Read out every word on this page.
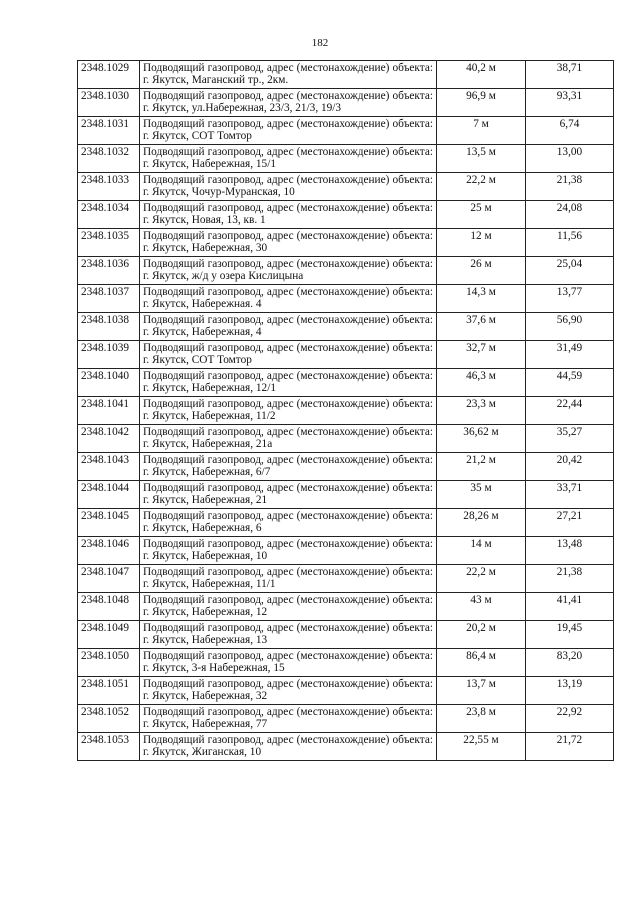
182
2348.1029	Подводящий газопровод, адрес (местонахождение) объекта: г. Якутск, Маганский тр., 2км.	40,2 м	38,71
2348.1030	Подводящий газопровод, адрес (местонахождение) объекта: г. Якутск, ул.Набережная, 23/3, 21/3, 19/3	96,9 м	93,31
2348.1031	Подводящий газопровод, адрес (местонахождение) объекта: г. Якутск, СОТ Томтор	7 м	6,74
2348.1032	Подводящий газопровод, адрес (местонахождение) объекта: г. Якутск, Набережная, 15/1	13,5 м	13,00
2348.1033	Подводящий газопровод, адрес (местонахождение) объекта: г. Якутск, Чочур-Муранская, 10	22,2 м	21,38
2348.1034	Подводящий газопровод, адрес (местонахождение) объекта: г. Якутск, Новая, 13, кв. 1	25 м	24,08
2348.1035	Подводящий газопровод, адрес (местонахождение) объекта: г. Якутск, Набережная, 30	12 м	11,56
2348.1036	Подводящий газопровод, адрес (местонахождение) объекта: г. Якутск, ж/д у озера Кислицына	26 м	25,04
2348.1037	Подводящий газопровод, адрес (местонахождение) объекта: г. Якутск, Набережная. 4	14,3 м	13,77
2348.1038	Подводящий газопровод, адрес (местонахождение) объекта: г. Якутск, Набережная, 4	37,6 м	56,90
2348.1039	Подводящий газопровод, адрес (местонахождение) объекта: г. Якутск, СОТ Томтор	32,7 м	31,49
2348.1040	Подводящий газопровод, адрес (местонахождение) объекта: г. Якутск, Набережная, 12/1	46,3 м	44,59
2348.1041	Подводящий газопровод, адрес (местонахождение) объекта: г. Якутск, Набережная, 11/2	23,3 м	22,44
2348.1042	Подводящий газопровод, адрес (местонахождение) объекта: г. Якутск, Набережная, 21а	36,62 м	35,27
2348.1043	Подводящий газопровод, адрес (местонахождение) объекта: г. Якутск, Набережная, 6/7	21,2 м	20,42
2348.1044	Подводящий газопровод, адрес (местонахождение) объекта: г. Якутск, Набережная, 21	35 м	33,71
2348.1045	Подводящий газопровод, адрес (местонахождение) объекта: г. Якутск, Набережная, 6	28,26 м	27,21
2348.1046	Подводящий газопровод, адрес (местонахождение) объекта: г. Якутск, Набережная, 10	14 м	13,48
2348.1047	Подводящий газопровод, адрес (местонахождение) объекта: г. Якутск, Набережная, 11/1	22,2 м	21,38
2348.1048	Подводящий газопровод, адрес (местонахождение) объекта: г. Якутск, Набережная, 12	43 м	41,41
2348.1049	Подводящий газопровод, адрес (местонахождение) объекта: г. Якутск, Набережная, 13	20,2 м	19,45
2348.1050	Подводящий газопровод, адрес (местонахождение) объекта: г. Якутск, 3-я Набережная, 15	86,4 м	83,20
2348.1051	Подводящий газопровод, адрес (местонахождение) объекта: г. Якутск, Набережная, 32	13,7 м	13,19
2348.1052	Подводящий газопровод, адрес (местонахождение) объекта: г. Якутск, Набережная, 77	23,8 м	22,92
2348.1053	Подводящий газопровод, адрес (местонахождение) объекта: г. Якутск, Жиганская, 10	22,55 м	21,72
